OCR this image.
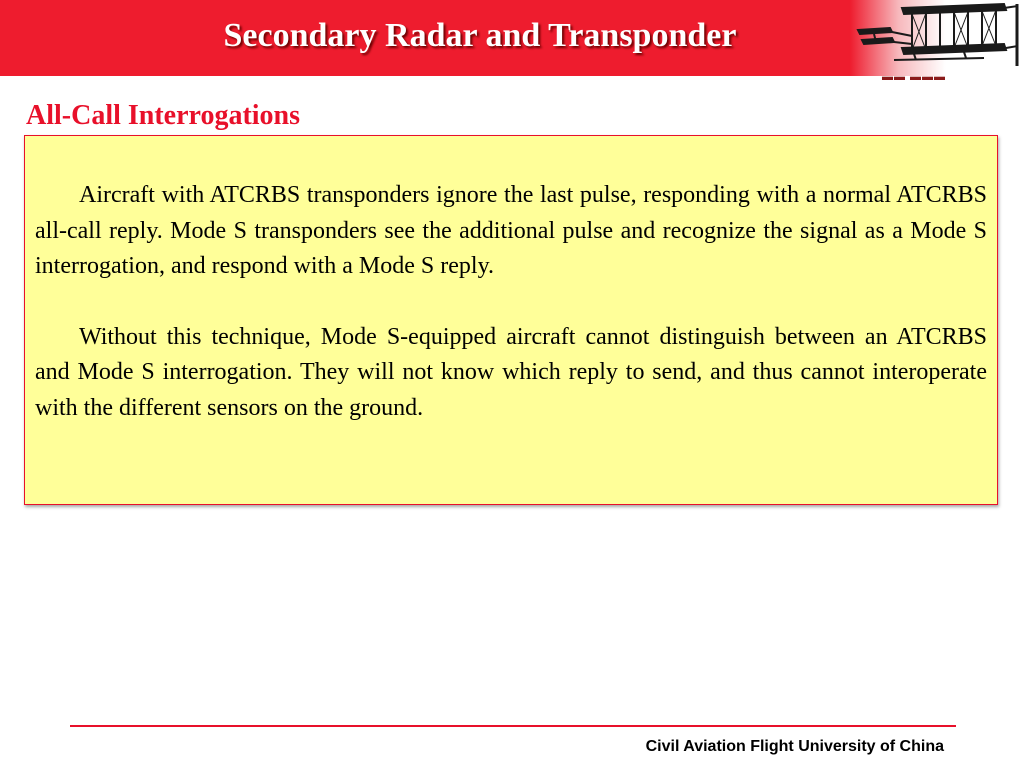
Secondary Radar and Transponder
▬▬ ▬▬▬
All-Call Interrogations

Aircraft with ATCRBS transponders ignore the last pulse, responding with a normal ATCRBS all-call reply. Mode S transponders see the additional pulse and recognize the signal as a Mode S interrogation, and respond with a Mode S reply.

Without this technique, Mode S-equipped aircraft cannot distinguish between an ATCRBS and Mode S interrogation. They will not know which reply to send, and thus cannot interoperate with the different sensors on the ground.

Civil Aviation Flight University of China
